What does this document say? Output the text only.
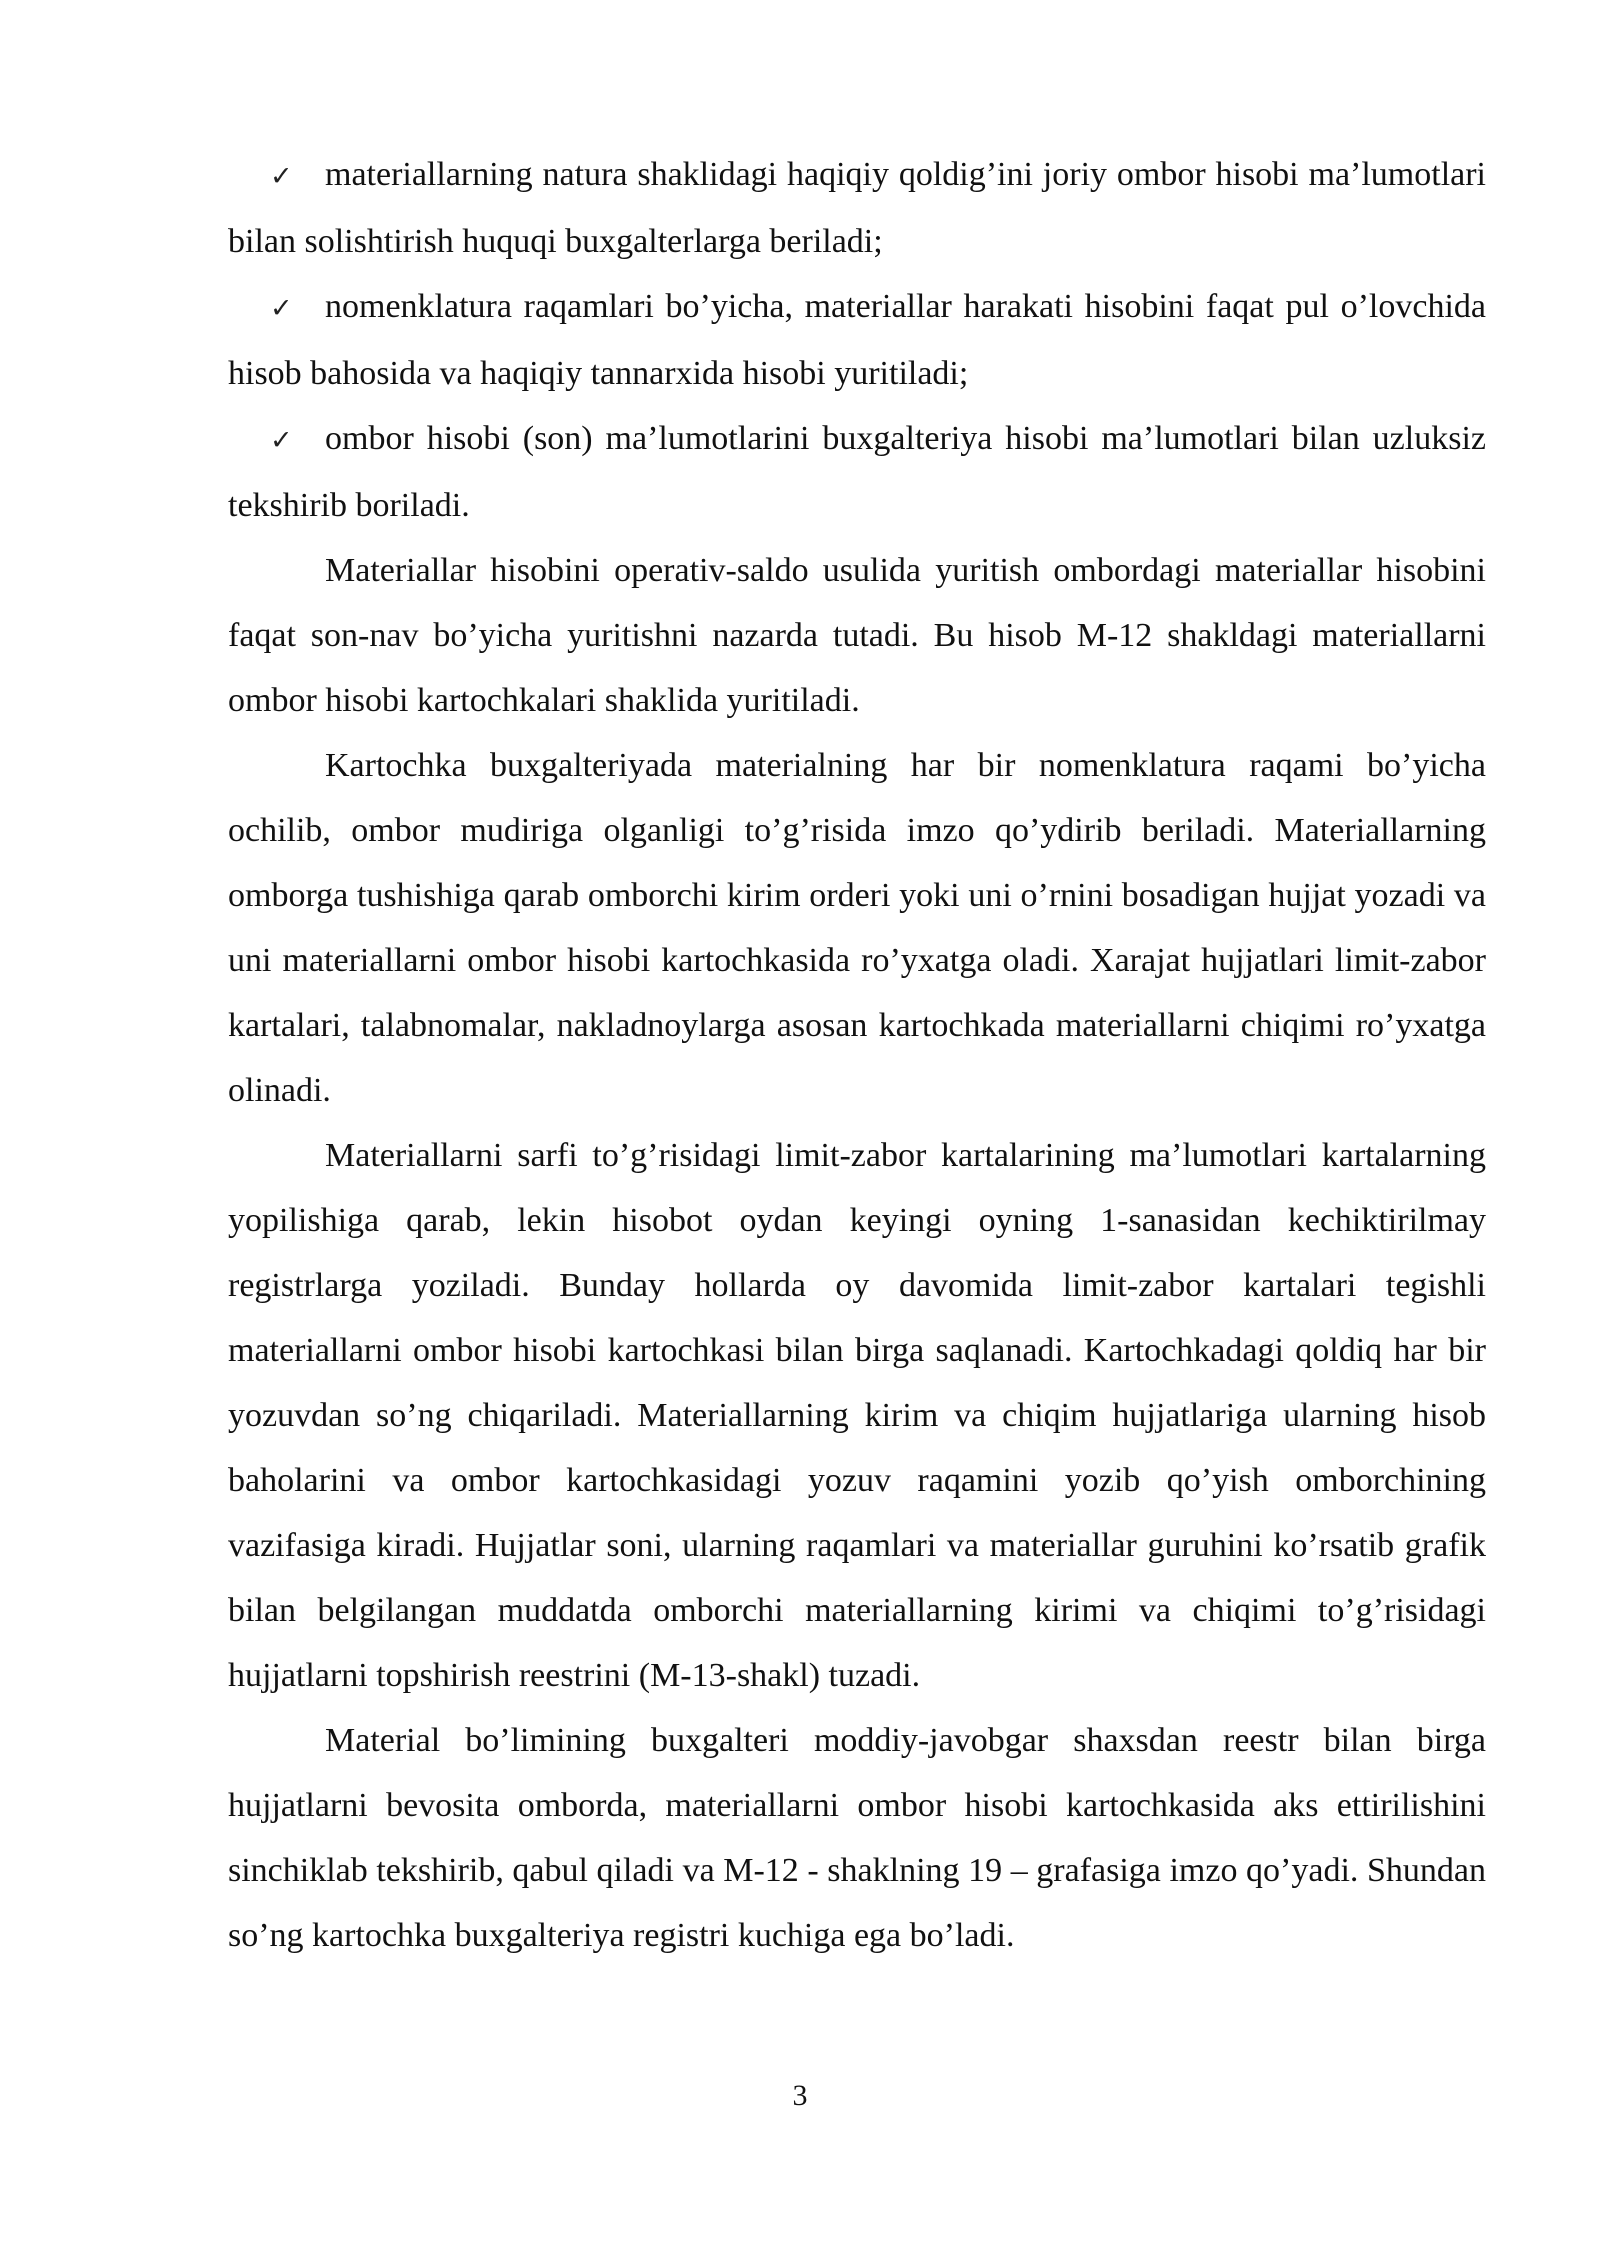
✓ materiallarning natura shaklidagi haqiqiy qoldig’ini joriy ombor hisobi ma’lumotlari bilan solishtirish huquqi buxgalterlarga beriladi;

✓ nomenklatura raqamlari bo’yicha, materiallar harakati hisobini faqat pul o’lovchida hisob bahosida va haqiqiy tannarxida hisobi yuritiladi;

✓ ombor hisobi (son) ma’lumotlarini buxgalteriya hisobi ma’lumotlari bilan uzluksiz tekshirib boriladi.

Materiallar hisobini operativ-saldo usulida yuritish ombordagi materiallar hisobini faqat son-nav bo’yicha yuritishni nazarda tutadi. Bu hisob M-12 shakldagi materiallarni ombor hisobi kartochkalari shaklida yuritiladi.

Kartochka buxgalteriyada materialning har bir nomenklatura raqami bo’yicha ochilib, ombor mudiriga olganligi to’g’risida imzo qo’ydirib beriladi. Materiallarning omborga tushishiga qarab omborchi kirim orderi yoki uni o’rnini bosadigan hujjat yozadi va uni materiallarni ombor hisobi kartochkasida ro’yxatga oladi. Xarajat hujjatlari limit-zabor kartalari, talabnomalar, nakladnoylarga asosan kartochkada materiallarni chiqimi ro’yxatga olinadi.

Materiallarni sarfi to’g’risidagi limit-zabor kartalarining ma’lumotlari kartalarning yopilishiga qarab, lekin hisobot oydan keyingi oyning 1-sanasidan kechiktirilmay registrlarga yoziladi. Bunday hollarda oy davomida limit-zabor kartalari tegishli materiallarni ombor hisobi kartochkasi bilan birga saqlanadi. Kartochkadagi qoldiq har bir yozuvdan so’ng chiqariladi. Materiallarning kirim va chiqim hujjatlariga ularning hisob baholarini va ombor kartochkasidagi yozuv raqamini yozib qo’yish omborchining vazifasiga kiradi. Hujjatlar soni, ularning raqamlari va materiallar guruhini ko’rsatib grafik bilan belgilangan muddatda omborchi materiallarning kirimi va chiqimi to’g’risidagi hujjatlarni topshirish reestrini (M-13-shakl) tuzadi.

Material bo’limining buxgalteri moddiy-javobgar shaxsdan reestr bilan birga hujjatlarni bevosita omborda, materiallarni ombor hisobi kartochkasida aks ettirilishini sinchiklab tekshirib, qabul qiladi va M-12 - shaklning 19 – grafasiga imzo qo’yadi. Shundan so’ng kartochka buxgalteriya registri kuchiga ega bo’ladi.

3
